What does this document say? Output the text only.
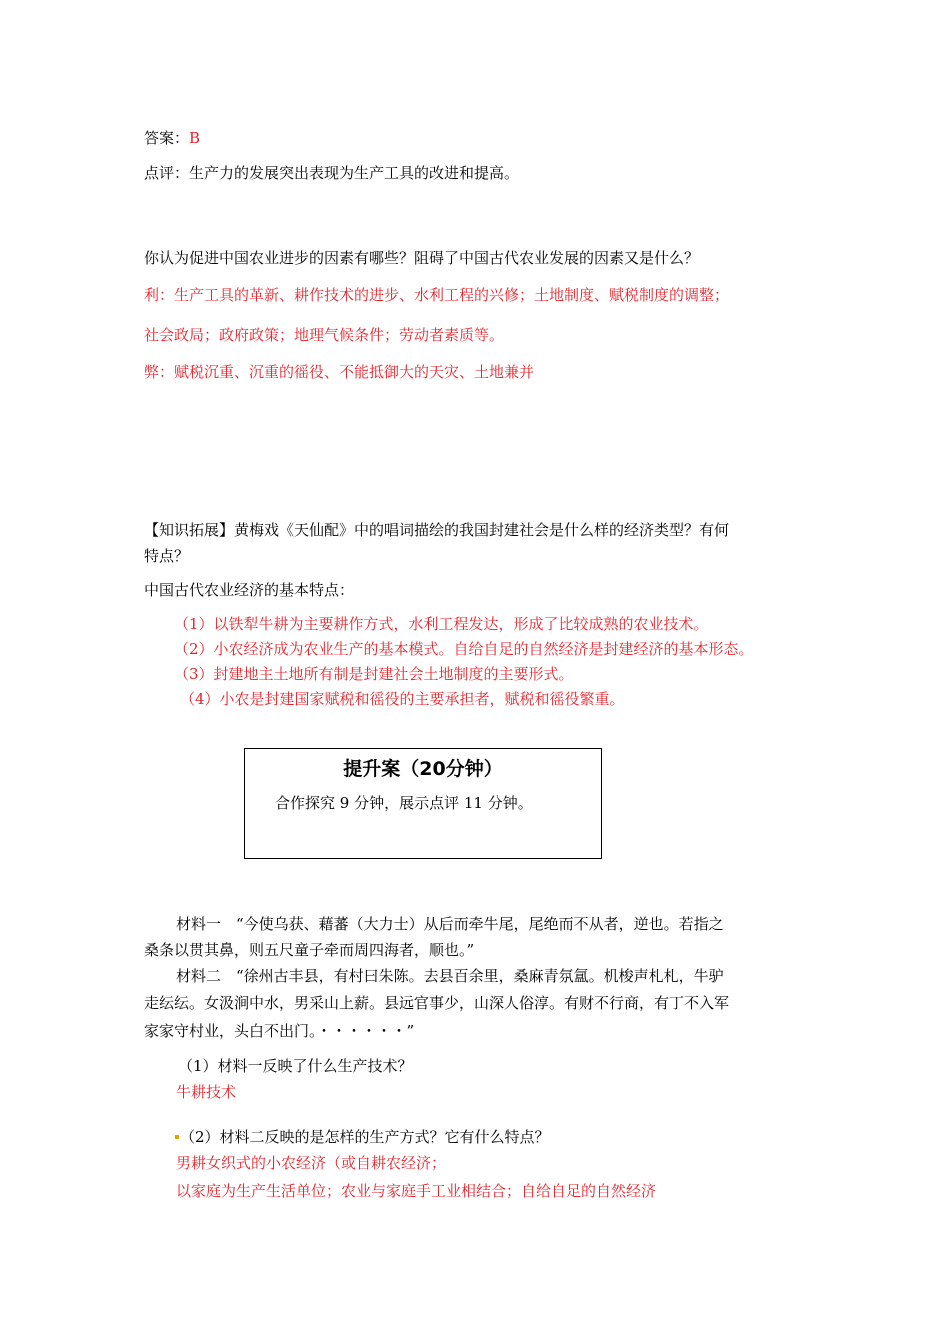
答案：B
点评：生产力的发展突出表现为生产工具的改进和提高。
你认为促进中国农业进步的因素有哪些？阻碍了中国古代农业发展的因素又是什么？
利：生产工具的革新、耕作技术的进步、水利工程的兴修；土地制度、赋税制度的调整；
社会政局；政府政策；地理气候条件；劳动者素质等。
弊：赋税沉重、沉重的徭役、不能抵御大的天灾、土地兼并
【知识拓展】黄梅戏《天仙配》中的唱词描绘的我国封建社会是什么样的经济类型？有何
特点？
中国古代农业经济的基本特点：
（1）以铁犁牛耕为主要耕作方式，水利工程发达，形成了比较成熟的农业技术。
（2）小农经济成为农业生产的基本模式。自给自足的自然经济是封建经济的基本形态。
（3）封建地主土地所有制是封建社会土地制度的主要形式。
（4）小农是封建国家赋税和徭役的主要承担者，赋税和徭役繁重。
提升案（20分钟）
合作探究 9 分钟，展示点评 11 分钟。
材料一　“今使乌获、藉蕃（大力士）从后而牵牛尾，尾绝而不从者，逆也。若指之
桑条以贯其鼻，则五尺童子牵而周四海者，顺也。”
材料二　“徐州古丰县，有村曰朱陈。去县百余里，桑麻青氛氲。机梭声札札，牛驴
走纭纭。女汲涧中水，男采山上薪。县远官事少，山深人俗淳。有财不行商，有丁不入军
家家守村业，头白不出门。・・・・・・”
（1）材料一反映了什么生产技术？
牛耕技术
（2）材料二反映的是怎样的生产方式？它有什么特点？
男耕女织式的小农经济（或自耕农经济；
以家庭为生产生活单位；农业与家庭手工业相结合；自给自足的自然经济
